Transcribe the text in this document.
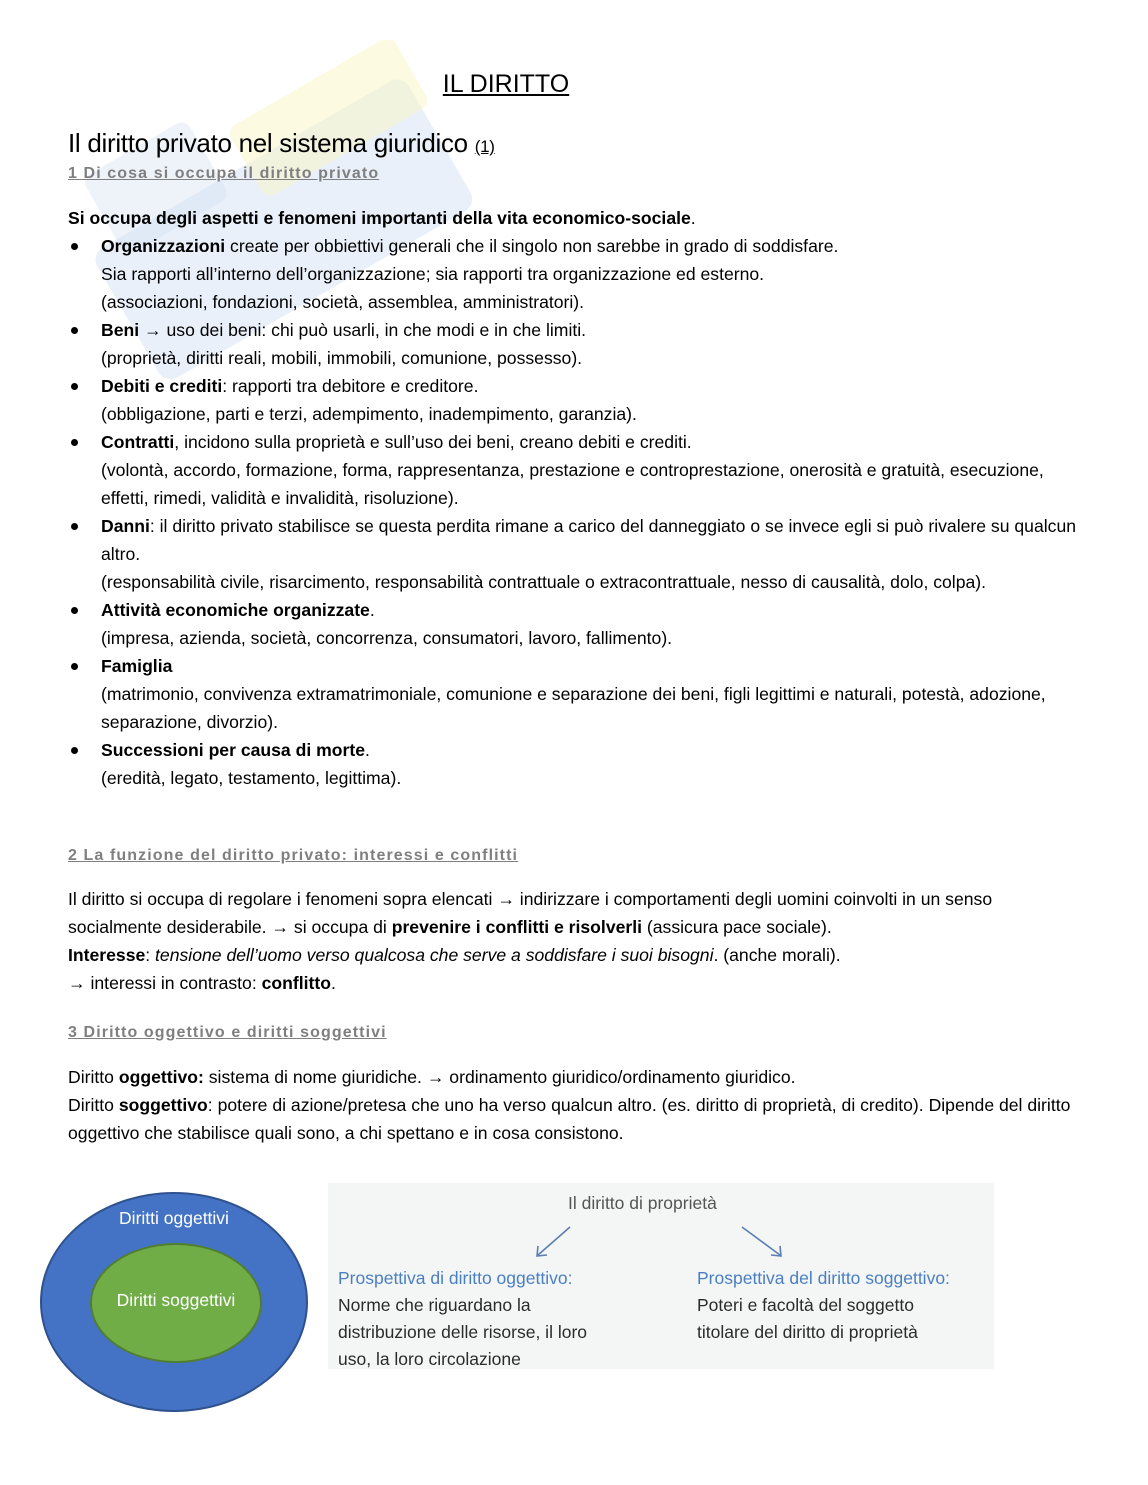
IL DIRITTO
Il diritto privato nel sistema giuridico (1)
1 Di cosa si occupa il diritto privato
Si occupa degli aspetti e fenomeni importanti della vita economico-sociale.
Organizzazioni create per obbiettivi generali che il singolo non sarebbe in grado di soddisfare.
Sia rapporti all’interno dell’organizzazione; sia rapporti tra organizzazione ed esterno.
(associazioni, fondazioni, società, assemblea, amministratori).
Beni → uso dei beni: chi può usarli, in che modi e in che limiti.
(proprietà, diritti reali, mobili, immobili, comunione, possesso).
Debiti e crediti: rapporti tra debitore e creditore.
(obbligazione, parti e terzi, adempimento, inadempimento, garanzia).
Contratti, incidono sulla proprietà e sull’uso dei beni, creano debiti e crediti.
(volontà, accordo, formazione, forma, rappresentanza, prestazione e controprestazione, onerosità e gratuità, esecuzione, effetti, rimedi, validità e invalidità, risoluzione).
Danni: il diritto privato stabilisce se questa perdita rimane a carico del danneggiato o se invece egli si può rivalere su qualcun altro.
(responsabilità civile, risarcimento, responsabilità contrattuale o extracontrattuale, nesso di causalità, dolo, colpa).
Attività economiche organizzate.
(impresa, azienda, società, concorrenza, consumatori, lavoro, fallimento).
Famiglia
(matrimonio, convivenza extramatrimoniale, comunione e separazione dei beni, figli legittimi e naturali, potestà, adozione, separazione, divorzio).
Successioni per causa di morte.
(eredità, legato, testamento, legittima).
2 La funzione del diritto privato: interessi e conflitti
Il diritto si occupa di regolare i fenomeni sopra elencati → indirizzare i comportamenti degli uomini coinvolti in un senso socialmente desiderabile. → si occupa di prevenire i conflitti e risolverli (assicura pace sociale).
Interesse: tensione dell’uomo verso qualcosa che serve a soddisfare i suoi bisogni. (anche morali).
→ interessi in contrasto: conflitto.
3 Diritto oggettivo e diritti soggettivi
Diritto oggettivo: sistema di nome giuridiche. → ordinamento giuridico/ordinamento giuridico.
Diritto soggettivo: potere di azione/pretesa che uno ha verso qualcun altro. (es. diritto di proprietà, di credito). Dipende del diritto oggettivo che stabilisce quali sono, a chi spettano e in cosa consistono.
Diritti oggettivi
Diritti soggettivi
Il diritto di proprietà
Prospettiva di diritto oggettivo:
Norme che riguardano la
distribuzione delle risorse, il loro
uso, la loro circolazione
Prospettiva del diritto soggettivo:
Poteri e facoltà del soggetto
titolare del diritto di proprietà
